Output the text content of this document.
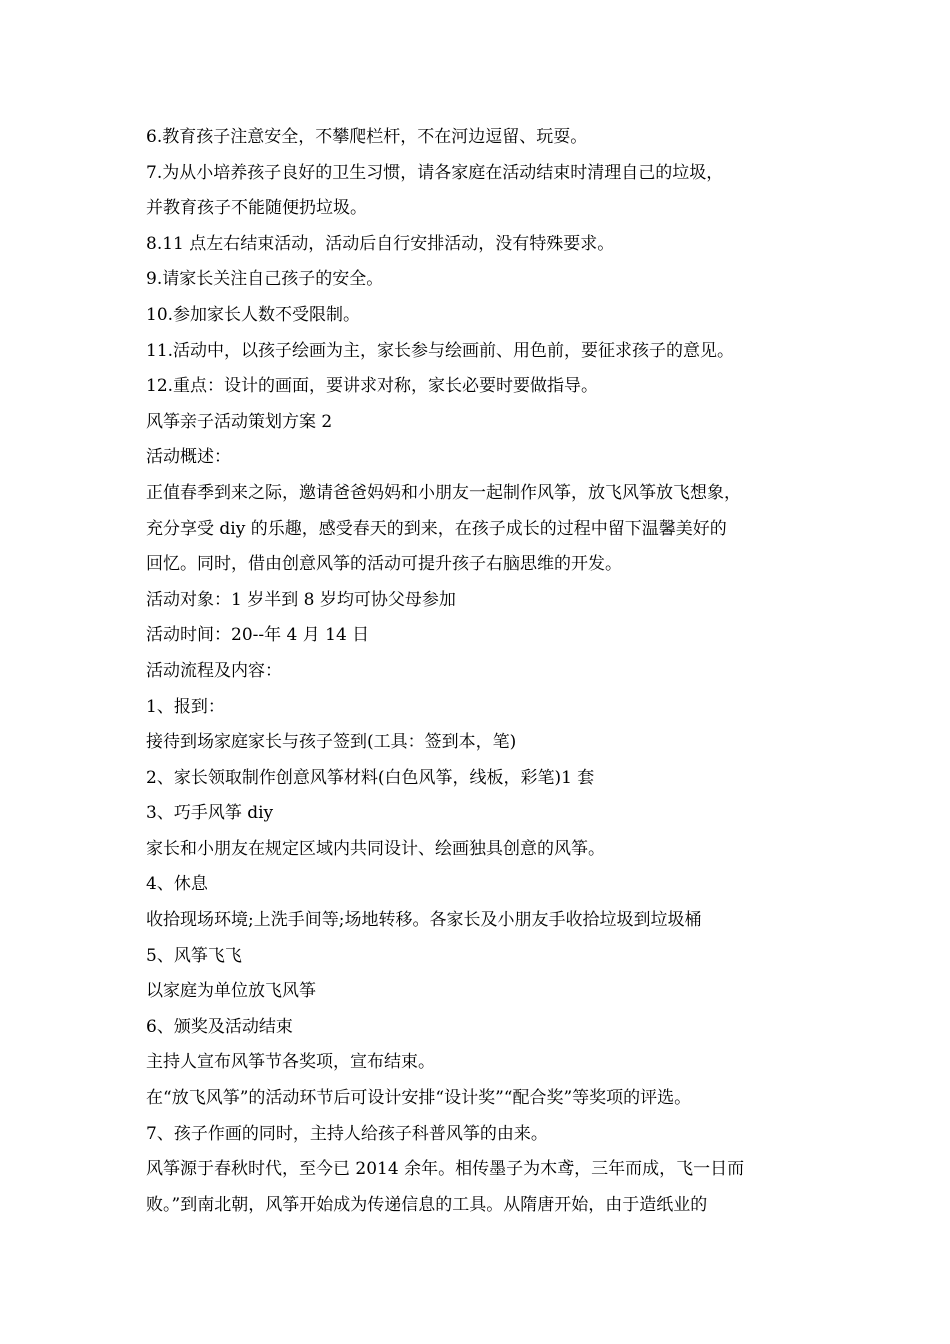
6.教育孩子注意安全，不攀爬栏杆，不在河边逗留、玩耍。
7.为从小培养孩子良好的卫生习惯，请各家庭在活动结束时清理自己的垃圾，
并教育孩子不能随便扔垃圾。
8.11 点左右结束活动，活动后自行安排活动，没有特殊要求。
9.请家长关注自己孩子的安全。
10.参加家长人数不受限制。
11.活动中，以孩子绘画为主，家长参与绘画前、用色前，要征求孩子的意见。
12.重点：设计的画面，要讲求对称，家长必要时要做指导。
风筝亲子活动策划方案 2
活动概述：
正值春季到来之际，邀请爸爸妈妈和小朋友一起制作风筝，放飞风筝放飞想象，
充分享受 diy 的乐趣，感受春天的到来，在孩子成长的过程中留下温馨美好的
回忆。同时，借由创意风筝的活动可提升孩子右脑思维的开发。
活动对象：1 岁半到 8 岁均可协父母参加
活动时间：20--年 4 月 14 日
活动流程及内容：
1、报到：
接待到场家庭家长与孩子签到(工具：签到本，笔)
2、家长领取制作创意风筝材料(白色风筝，线板，彩笔)1 套
3、巧手风筝 diy
家长和小朋友在规定区域内共同设计、绘画独具创意的风筝。
4、休息
收拾现场环境;上洗手间等;场地转移。各家长及小朋友手收拾垃圾到垃圾桶
5、风筝飞飞
以家庭为单位放飞风筝
6、颁奖及活动结束
主持人宣布风筝节各奖项，宣布结束。
在“放飞风筝”的活动环节后可设计安排“设计奖”“配合奖”等奖项的评选。
7、孩子作画的同时，主持人给孩子科普风筝的由来。
风筝源于春秋时代，至今已 2014 余年。相传墨子为木鸢，三年而成，飞一日而
败。”到南北朝，风筝开始成为传递信息的工具。从隋唐开始，由于造纸业的
